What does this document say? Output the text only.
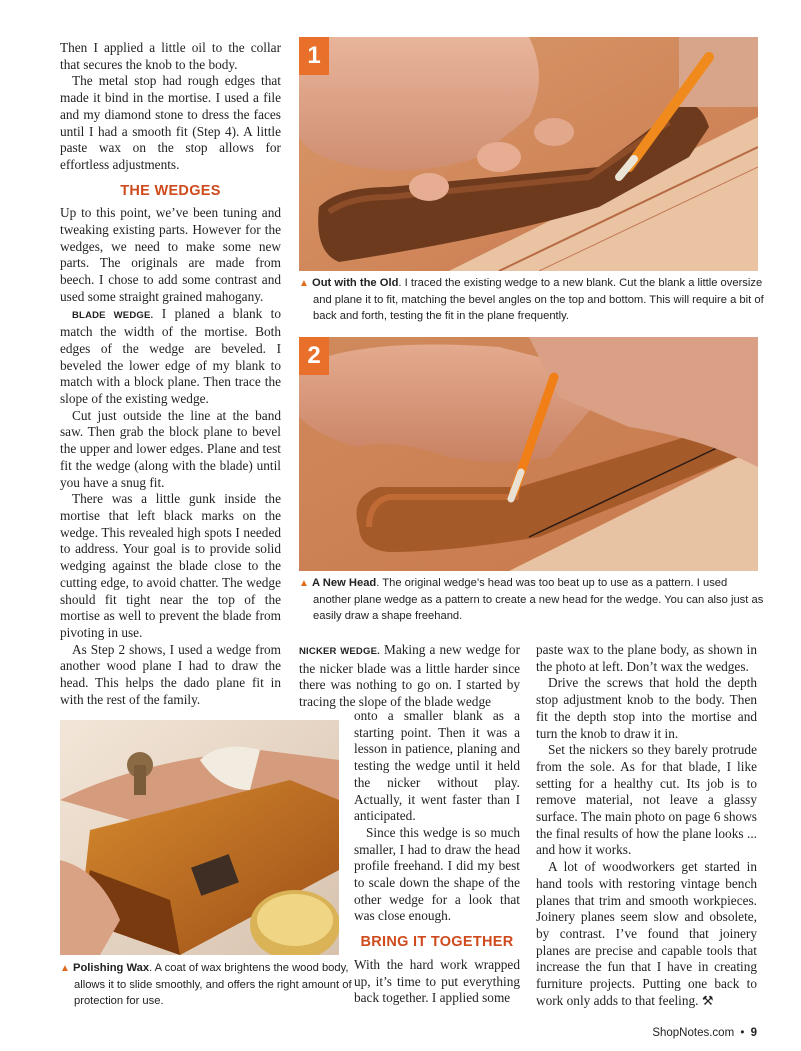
Then I applied a little oil to the collar that secures the knob to the body.

The metal stop had rough edges that made it bind in the mortise. I used a file and my diamond stone to dress the faces until I had a smooth fit (Step 4). A little paste wax on the stop allows for effortless adjustments.

THE WEDGES

Up to this point, we’ve been tuning and tweaking existing parts. However for the wedges, we need to make some new parts. The originals are made from beech. I chose to add some contrast and used some straight grained mahogany.

BLADE WEDGE. I planed a blank to match the width of the mortise. Both edges of the wedge are beveled. I beveled the lower edge of my blank to match with a block plane. Then trace the slope of the existing wedge.

Cut just outside the line at the band saw. Then grab the block plane to bevel the upper and lower edges. Plane and test fit the wedge (along with the blade) until you have a snug fit.

There was a little gunk inside the mortise that left black marks on the wedge. This revealed high spots I needed to address. Your goal is to provide solid wedging against the blade close to the cutting edge, to avoid chatter. The wedge should fit tight near the top of the mortise as well to prevent the blade from pivoting in use.

As Step 2 shows, I used a wedge from another wood plane I had to draw the head. This helps the dado plane fit in with the rest of the family.

1
▲ Out with the Old. I traced the existing wedge to a new blank. Cut the blank a little oversize and plane it to fit, matching the bevel angles on the top and bottom. This will require a bit of back and forth, testing the fit in the plane frequently.
2
▲ A New Head. The original wedge’s head was too beat up to use as a pattern. I used another plane wedge as a pattern to create a new head for the wedge. You can also just as easily draw a shape freehand.
▲ Polishing Wax. A coat of wax brightens the wood body, allows it to slide smoothly, and offers the right amount of protection for use.

NICKER WEDGE. Making a new wedge for the nicker blade was a little harder since there was nothing to go on. I started by tracing the slope of the blade wedge

onto a smaller blank as a starting point. Then it was a lesson in patience, planing and testing the wedge until it held the nicker without play. Actually, it went faster than I anticipated.

Since this wedge is so much smaller, I had to draw the head profile freehand. I did my best to scale down the shape of the other wedge for a look that was close enough.

BRING IT TOGETHER

With the hard work wrapped up, it’s time to put everything back together. I applied some

paste wax to the plane body, as shown in the photo at left. Don’t wax the wedges.

Drive the screws that hold the depth stop adjustment knob to the body. Then fit the depth stop into the mortise and turn the knob to draw it in.

Set the nickers so they barely protrude from the sole. As for that blade, I like setting for a healthy cut. Its job is to remove material, not leave a glassy surface. The main photo on page 6 shows the final results of how the plane looks ... and how it works.

A lot of woodworkers get started in hand tools with restoring vintage bench planes that trim and smooth workpieces. Joinery planes seem slow and obsolete, by contrast. I’ve found that joinery planes are precise and capable tools that increase the fun that I have in creating furniture projects. Putting one back to work only adds to that feeling. ⚒

ShopNotes.com • 9
